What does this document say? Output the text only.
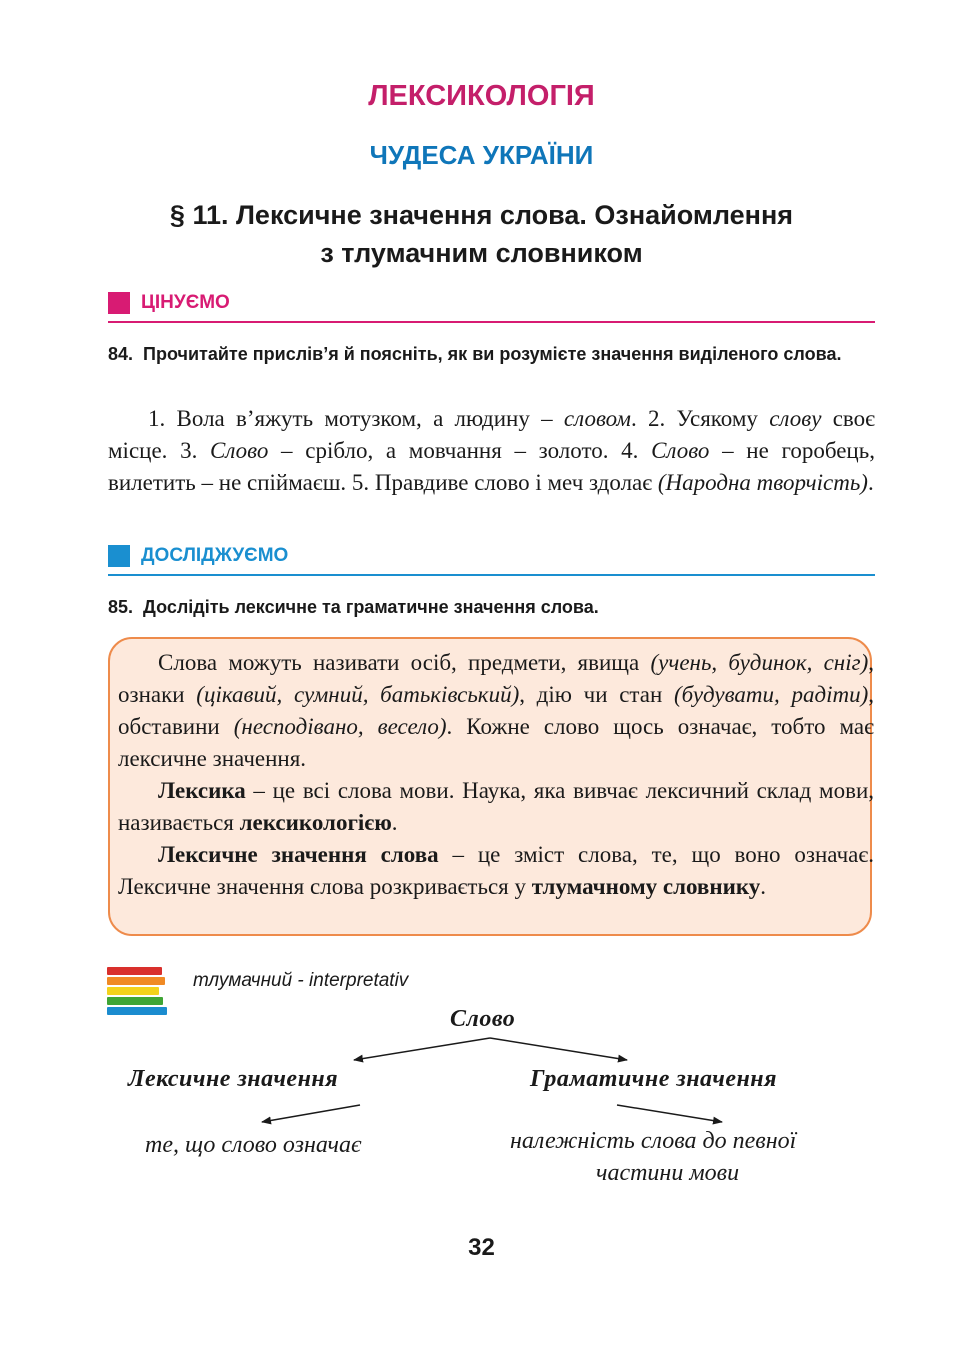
ЛЕКСИКОЛОГІЯ
ЧУДЕСА УКРАЇНИ
§ 11. Лексичне значення слова. Ознайомлення
з тлумачним словником
ЦІНУЄМО
84. Прочитайте прислів’я й поясніть, як ви розумієте значення виділеного слова.

1. Вола в’яжуть мотузком, а людину – словом. 2. Усякому слову своє місце. 3. Слово – срібло, а мовчання – золото. 4. Слово – не горобець, вилетить – не спіймаєш. 5. Правдиве слово і меч здолає (Народна творчість).

ДОСЛІДЖУЄМО
85. Дослідіть лексичне та граматичне значення слова.

Слова можуть називати осіб, предмети, явища (учень, будинок, сніг), ознаки (цікавий, сумний, батьківський), дію чи стан (будувати, радіти), обставини (несподівано, весело). Кожне слово щось означає, тобто має лексичне значення.

Лексика – це всі слова мови. Наука, яка вивчає лексичний склад мови, називається лексикологією.

Лексичне значення слова – це зміст слова, те, що воно означає. Лексичне значення слова розкривається у тлумачному словнику.

тлумачний - interpretativ
Слово
Лексичне значення	Граматичне значення
те, що слово означає	належність слова до певної
частини мови
32
